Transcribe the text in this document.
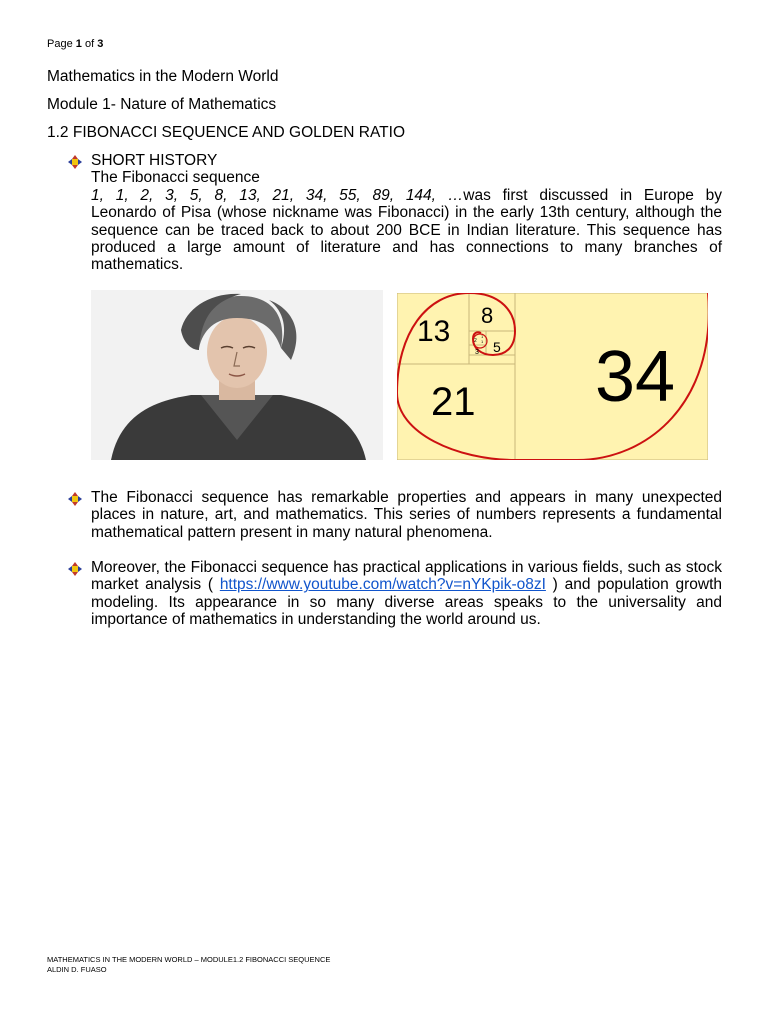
Page 1 of 3
Mathematics in the Modern World
Module 1- Nature of Mathematics
1.2 FIBONACCI SEQUENCE AND GOLDEN RATIO
SHORT HISTORY
The Fibonacci sequence
1, 1, 2, 3, 5, 8, 13, 21, 34, 55, 89, 144, …was first discussed in Europe by
Leonardo of Pisa (whose nickname was Fibonacci) in the early 13th century, although the sequence can be traced back to about 200 BCE in Indian literature. This sequence has produced a large amount of literature and has connections to many branches of mathematics.
34
21
13 8
5
3
2
1
1
The Fibonacci sequence has remarkable properties and appears in many unexpected places in nature, art, and mathematics. This series of numbers represents a fundamental mathematical pattern present in many natural phenomena.
Moreover, the Fibonacci sequence has practical applications in various fields, such as stock market analysis ( https://www.youtube.com/watch?v=nYKpik-o8zI ) and population growth modeling. Its appearance in so many diverse areas speaks to the universality and importance of mathematics in understanding the world around us.
MATHEMATICS IN THE MODERN WORLD – MODULE1.2 FIBONACCI SEQUENCE
ALDIN D. FUASO
